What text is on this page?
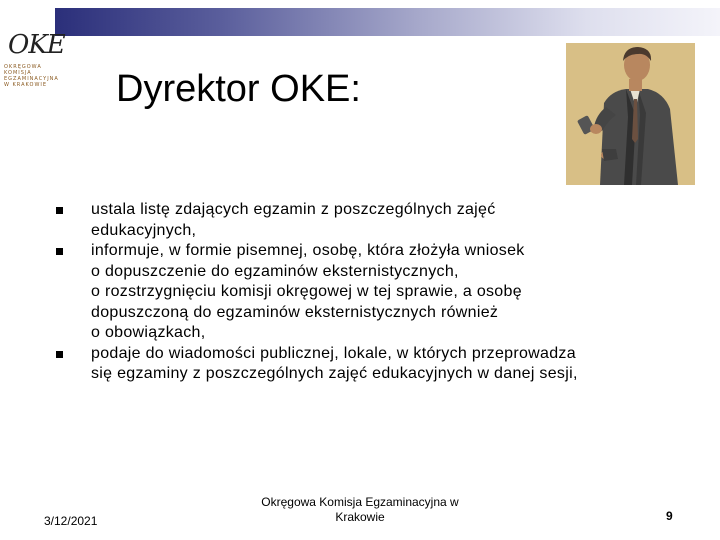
OKE
OKRĘGOWA
KOMISJA
EGZAMINACYJNA
W KRAKOWIE Dyrektor OKE:
ustala listę zdających egzamin z poszczególnych zajęć
edukacyjnych,
informuje, w formie pisemnej, osobę, która złożyła wniosek
o dopuszczenie do egzaminów eksternistycznych,
o rozstrzygnięciu komisji okręgowej w tej sprawie, a osobę
dopuszczoną do egzaminów eksternistycznych również
o obowiązkach,
podaje do wiadomości publicznej, lokale, w których przeprowadza
się egzaminy z poszczególnych zajęć edukacyjnych w danej sesji,
3/12/2021
Okręgowa Komisja Egzaminacyjna w
Krakowie	9
